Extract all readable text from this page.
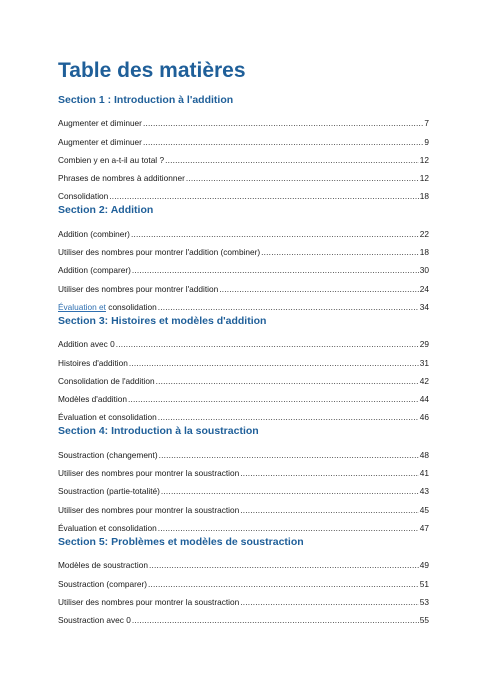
Table des matières
Section 1 : Introduction à l'addition
Augmenter et diminuer .....	7
Augmenter et diminuer .....	9
Combien y en a-t-il au total ? .....	12
Phrases de nombres à additionner .....	12
Consolidation .....	18
Section 2: Addition
Addition (combiner) .....	22
Utiliser des nombres pour montrer l'addition (combiner) .....	18
Addition (comparer) .....	30
Utiliser des nombres pour montrer l'addition .....	24
Évaluation et consolidation .....	34
Section 3: Histoires et modèles d'addition
Addition avec 0 .....	29
Histoires d'addition .....	31
Consolidation de l'addition .....	42
Modèles d'addition .....	44
Évaluation et consolidation .....	46
Section 4: Introduction à la soustraction
Soustraction (changement) .....	48
Utiliser des nombres pour montrer la soustraction .....	41
Soustraction (partie-totalité) .....	43
Utiliser des nombres pour montrer la soustraction .....	45
Évaluation et consolidation .....	47
Section 5: Problèmes et modèles de soustraction
Modèles de soustraction .....	49
Soustraction (comparer) .....	51
Utiliser des nombres pour montrer la soustraction .....	53
Soustraction avec 0 .....	55
